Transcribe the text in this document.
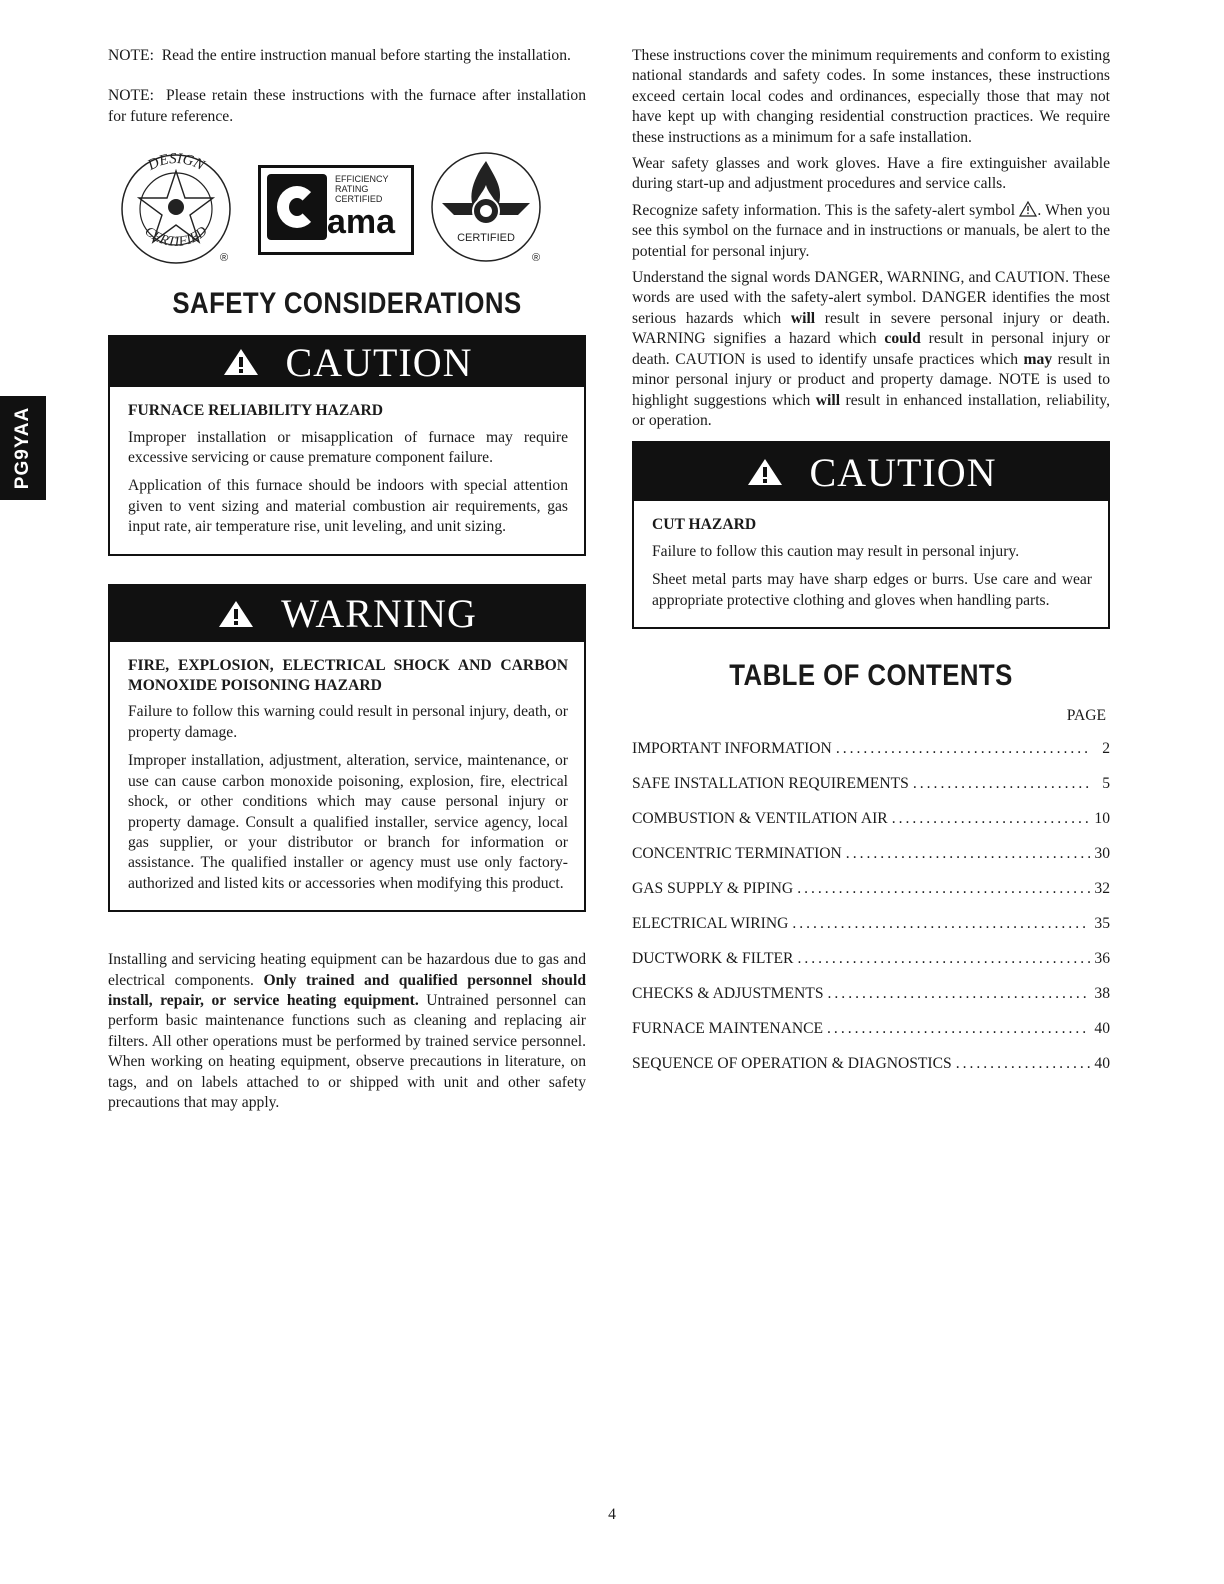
PG9YAA

NOTE: Read the entire instruction manual before starting the installation.

NOTE: Please retain these instructions with the furnace after installation for future reference.

DESIGN
CERTIFIED
®
EFFICIENCY
RATING
CERTIFIED
ama	CERTIFIED
®
SAFETY CONSIDERATIONS
CAUTION

FURNACE RELIABILITY HAZARD

Improper installation or misapplication of furnace may require excessive servicing or cause premature component failure.

Application of this furnace should be indoors with special attention given to vent sizing and material combustion air requirements, gas input rate, air temperature rise, unit leveling, and unit sizing.

WARNING

FIRE, EXPLOSION, ELECTRICAL SHOCK AND CARBON MONOXIDE POISONING HAZARD

Failure to follow this warning could result in personal injury, death, or property damage.

Improper installation, adjustment, alteration, service, maintenance, or use can cause carbon monoxide poisoning, explosion, fire, electrical shock, or other conditions which may cause personal injury or property damage. Consult a qualified installer, service agency, local gas supplier, or your distributor or branch for information or assistance. The qualified installer or agency must use only factory-authorized and listed kits or accessories when modifying this product.

Installing and servicing heating equipment can be hazardous due to gas and electrical components. Only trained and qualified personnel should install, repair, or service heating equipment. Untrained personnel can perform basic maintenance functions such as cleaning and replacing air filters. All other operations must be performed by trained service personnel. When working on heating equipment, observe precautions in literature, on tags, and on labels attached to or shipped with unit and other safety precautions that may apply.

These instructions cover the minimum requirements and conform to existing national standards and safety codes. In some instances, these instructions exceed certain local codes and ordinances, especially those that may not have kept up with changing residential construction practices. We require these instructions as a minimum for a safe installation.

Wear safety glasses and work gloves. Have a fire extinguisher available during start-up and adjustment procedures and service calls.

Recognize safety information. This is the safety-alert symbol . When you see this symbol on the furnace and in instructions or manuals, be alert to the potential for personal injury.

Understand the signal words DANGER, WARNING, and CAUTION. These words are used with the safety-alert symbol. DANGER identifies the most serious hazards which will result in severe personal injury or death. WARNING signifies a hazard which could result in personal injury or death. CAUTION is used to identify unsafe practices which may result in minor personal injury or product and property damage. NOTE is used to highlight suggestions which will result in enhanced installation, reliability, or operation.

CAUTION

CUT HAZARD

Failure to follow this caution may result in personal injury.

Sheet metal parts may have sharp edges or burrs. Use care and wear appropriate protective clothing and gloves when handling parts.

TABLE OF CONTENTS
PAGE
IMPORTANT INFORMATION .....	2
SAFE INSTALLATION REQUIREMENTS .....	5
COMBUSTION & VENTILATION AIR .....	10
CONCENTRIC TERMINATION .....	30
GAS SUPPLY & PIPING .....	32
ELECTRICAL WIRING .....	35
DUCTWORK & FILTER .....	36
CHECKS & ADJUSTMENTS .....	38
FURNACE MAINTENANCE .....	40
SEQUENCE OF OPERATION & DIAGNOSTICS .....	40
4
